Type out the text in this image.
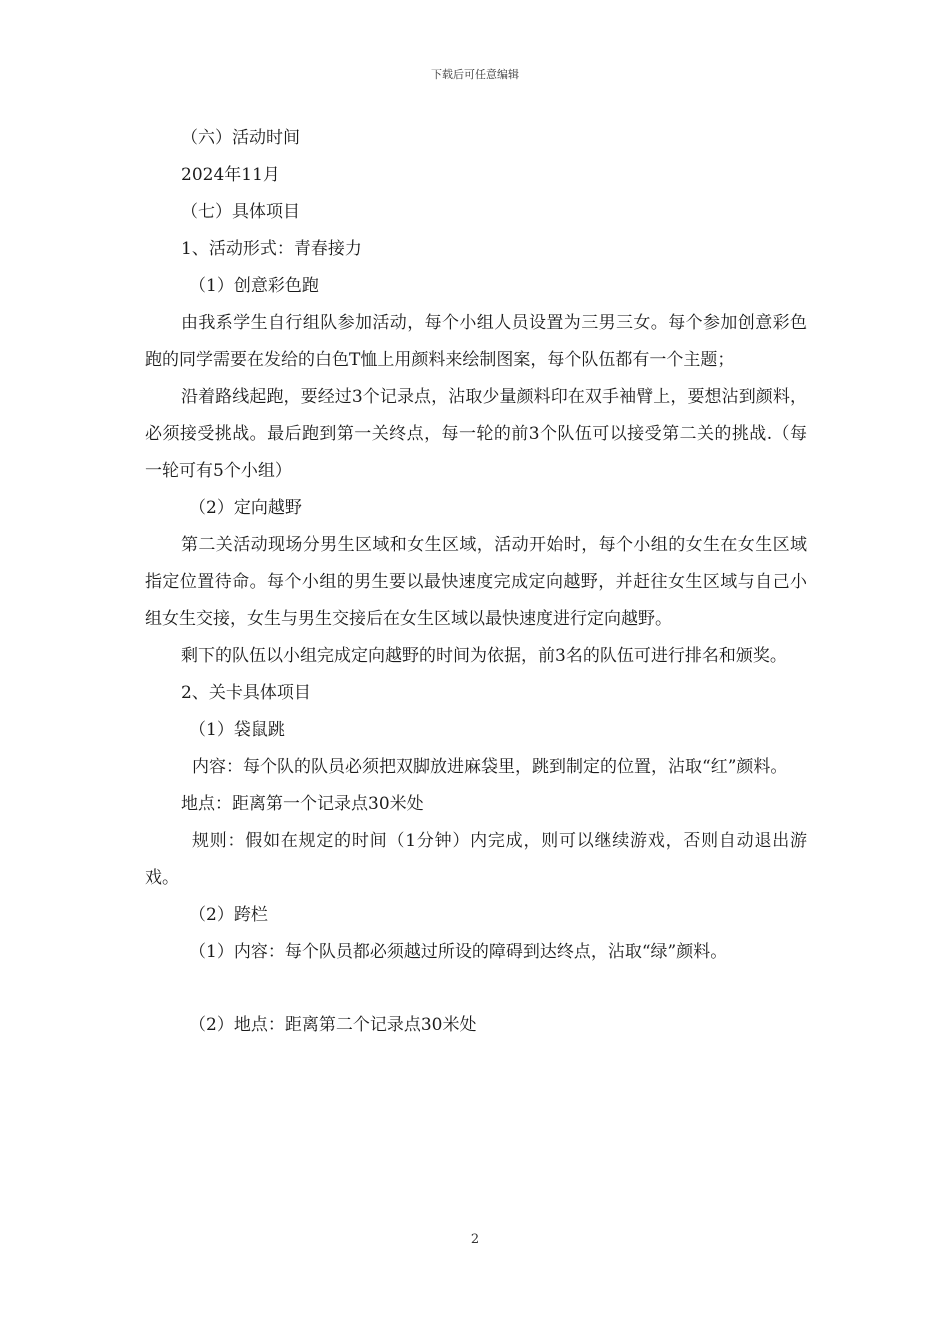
下载后可任意编辑

（六）活动时间

2024年11月

（七）具体项目

1、活动形式：青春接力

（1）创意彩色跑

由我系学生自行组队参加活动，每个小组人员设置为三男三女。每个参加创意彩色跑的同学需要在发给的白色T恤上用颜料来绘制图案，每个队伍都有一个主题；

沿着路线起跑，要经过3个记录点，沾取少量颜料印在双手袖臂上，要想沾到颜料，必须接受挑战。最后跑到第一关终点，每一轮的前3个队伍可以接受第二关的挑战.（每一轮可有5个小组）

（2）定向越野

第二关活动现场分男生区域和女生区域，活动开始时，每个小组的女生在女生区域指定位置待命。每个小组的男生要以最快速度完成定向越野，并赶往女生区域与自己小组女生交接，女生与男生交接后在女生区域以最快速度进行定向越野。

剩下的队伍以小组完成定向越野的时间为依据，前3名的队伍可进行排名和颁奖。

2、关卡具体项目

（1）袋鼠跳

内容：每个队的队员必须把双脚放进麻袋里，跳到制定的位置，沾取“红”颜料。

地点：距离第一个记录点30米处

规则：假如在规定的时间（1分钟）内完成，则可以继续游戏，否则自动退出游戏。

（2）跨栏

（1）内容：每个队员都必须越过所设的障碍到达终点，沾取“绿”颜料。

（2）地点：距离第二个记录点30米处

2
